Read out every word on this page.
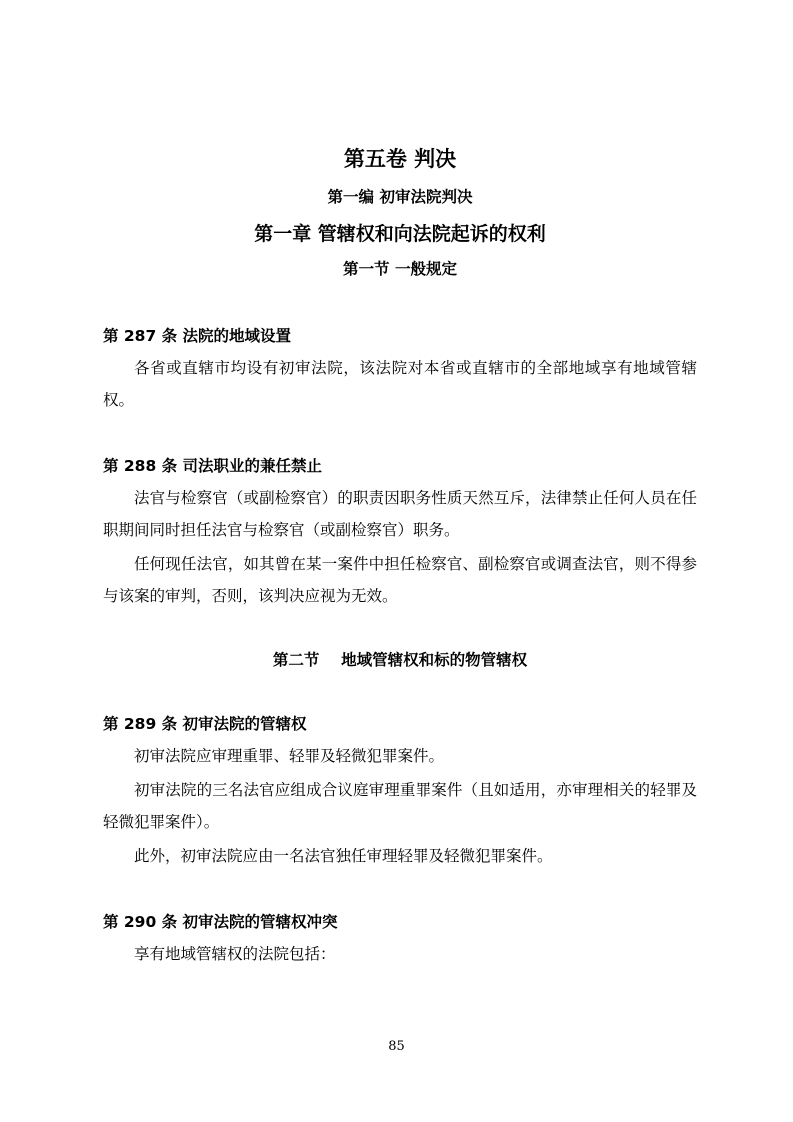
第五卷 判决
第一编 初审法院判决
第一章 管辖权和向法院起诉的权利
第一节 一般规定
第 287 条 法院的地域设置

各省或直辖市均设有初审法院，该法院对本省或直辖市的全部地域享有地域管辖权。

第 288 条 司法职业的兼任禁止

法官与检察官（或副检察官）的职责因职务性质天然互斥，法律禁止任何人员在任职期间同时担任法官与检察官（或副检察官）职务。

任何现任法官，如其曾在某一案件中担任检察官、副检察官或调查法官，则不得参与该案的审判，否则，该判决应视为无效。

第二节 地域管辖权和标的物管辖权
第 289 条 初审法院的管辖权

初审法院应审理重罪、轻罪及轻微犯罪案件。

初审法院的三名法官应组成合议庭审理重罪案件（且如适用，亦审理相关的轻罪及轻微犯罪案件）。

此外，初审法院应由一名法官独任审理轻罪及轻微犯罪案件。

第 290 条 初审法院的管辖权冲突

享有地域管辖权的法院包括：

85
